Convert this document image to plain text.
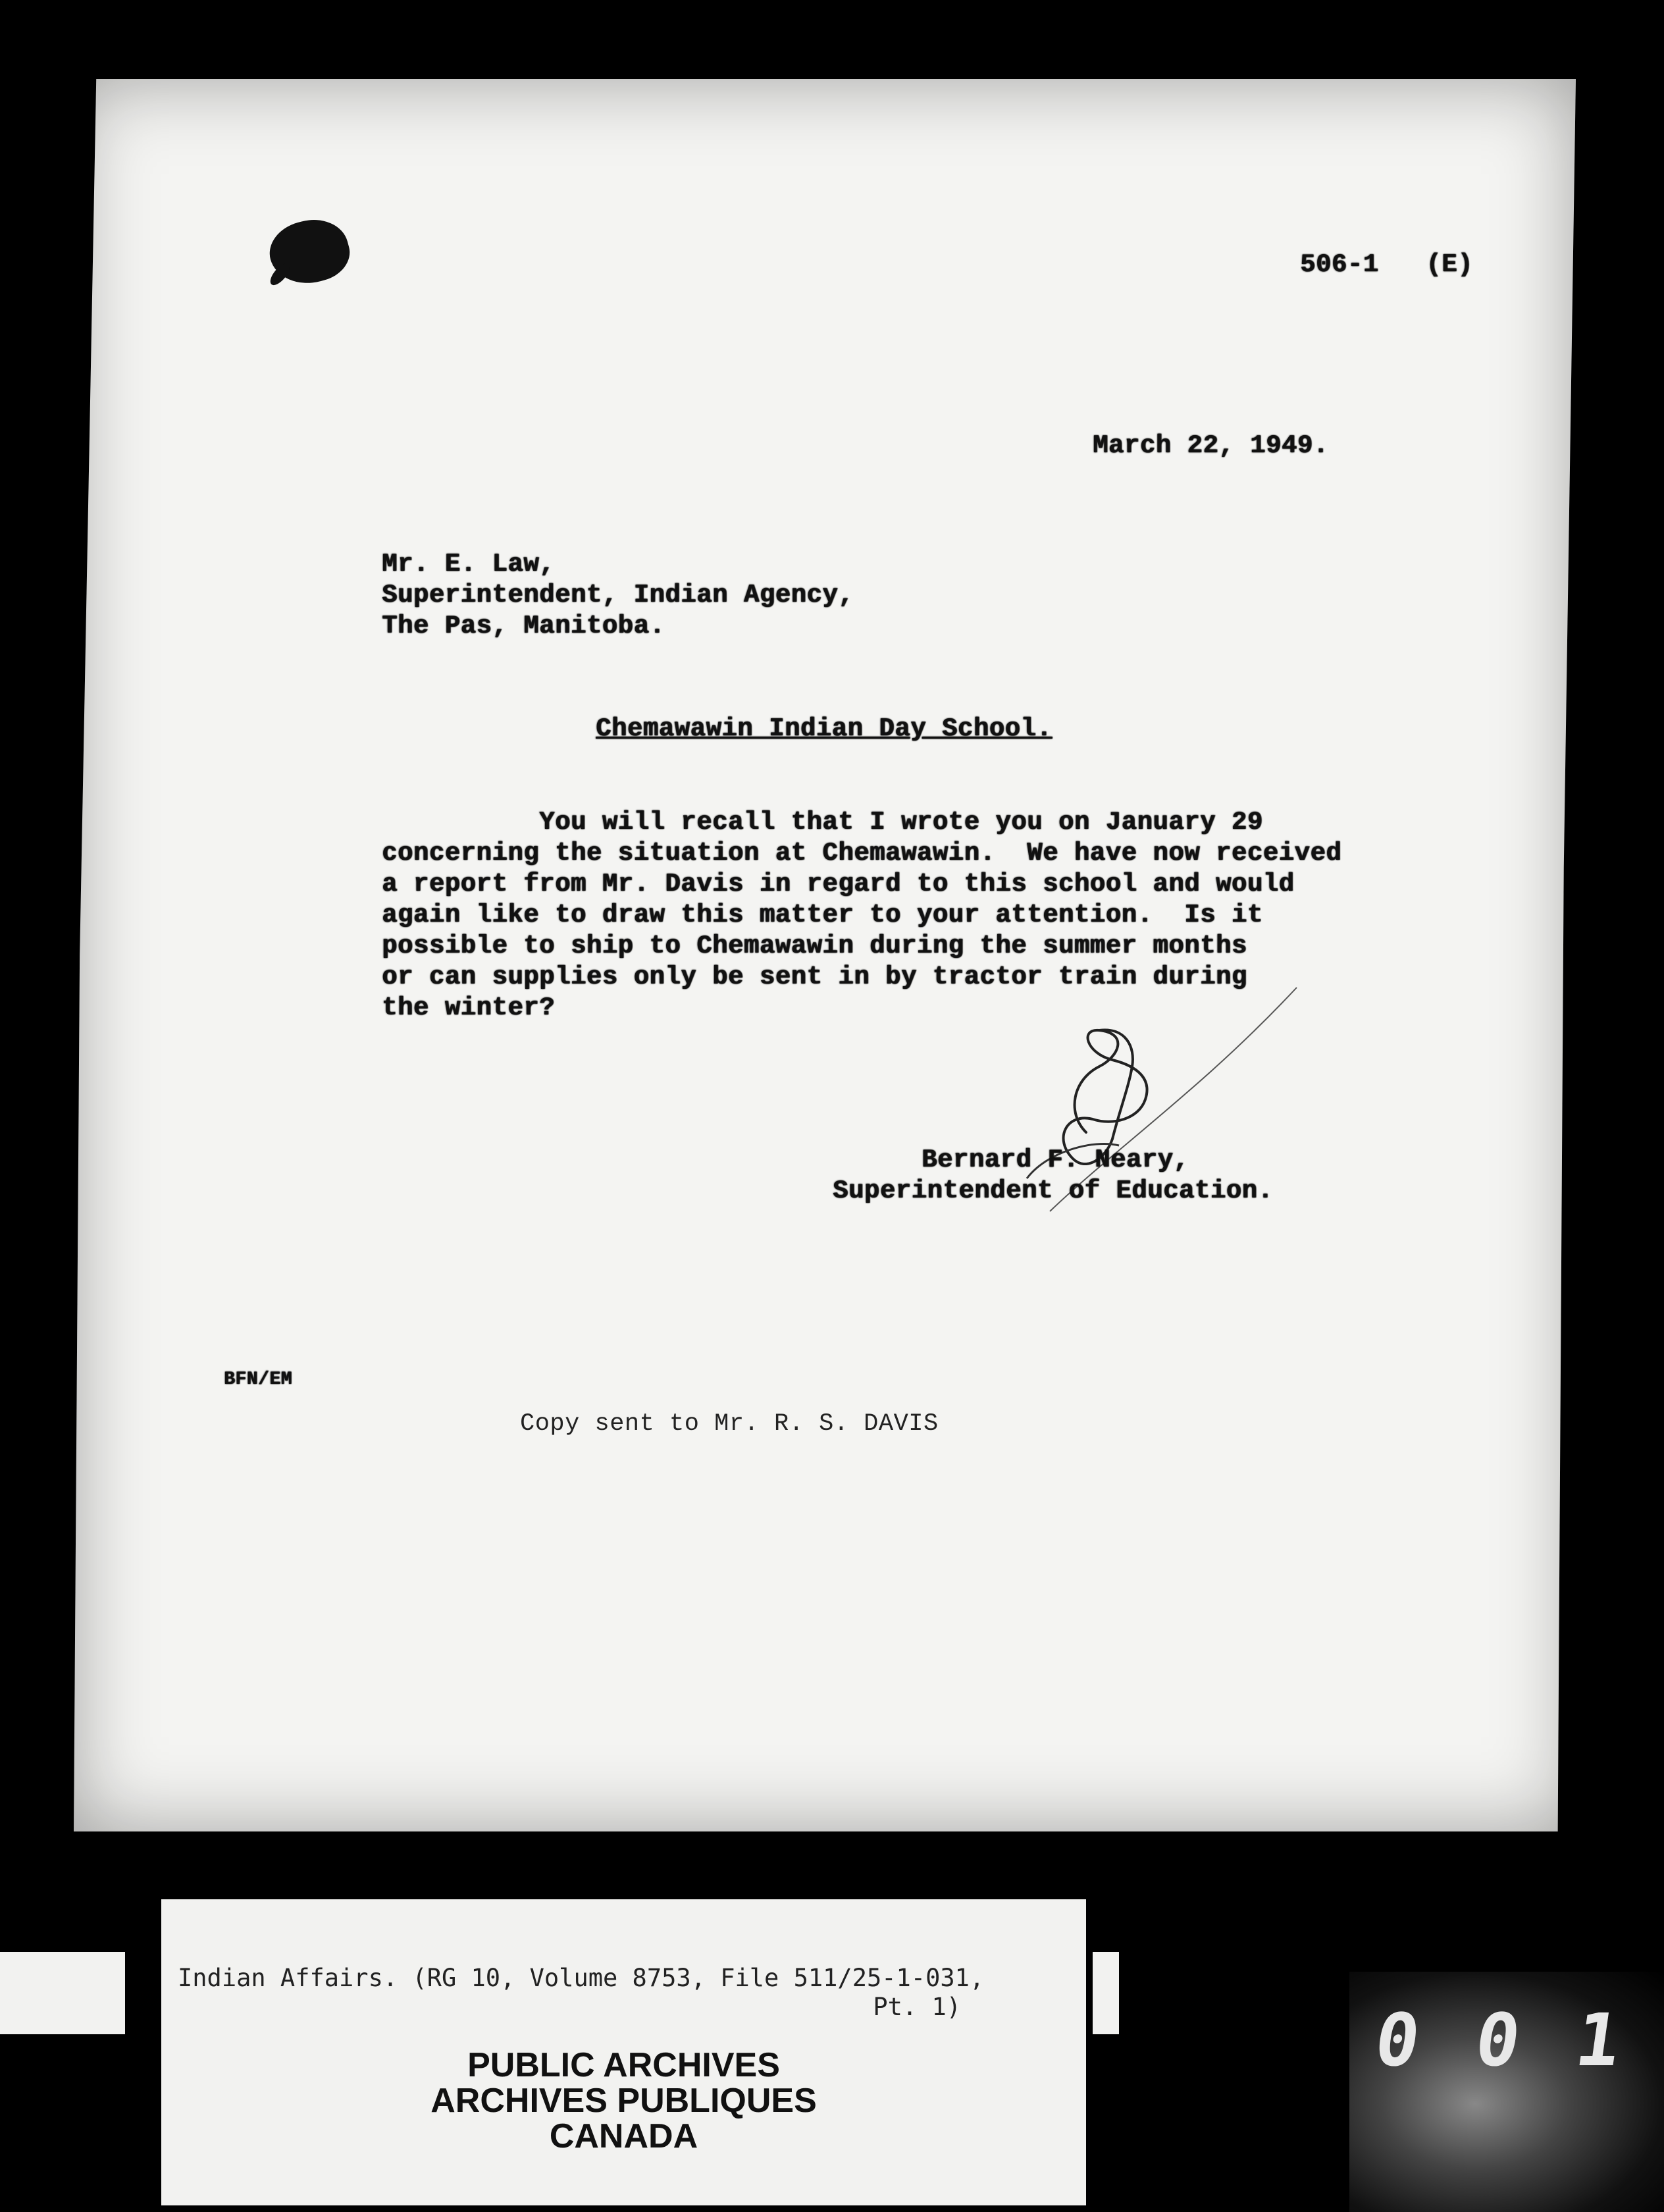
506-1   (E)
March 22, 1949.
Mr. E. Law,
Superintendent, Indian Agency,
The Pas, Manitoba.
Chemawawin Indian Day School.
You will recall that I wrote you on January 29
concerning the situation at Chemawawin.  We have now received
a report from Mr. Davis in regard to this school and would
again like to draw this matter to your attention.  Is it
possible to ship to Chemawawin during the summer months
or can supplies only be sent in by tractor train during
the winter?
Bernard F. Neary,
Superintendent of Education.
BFN/EM
Copy sent to Mr. R. S. DAVIS
Indian Affairs. (RG 10, Volume 8753, File 511/25-1-031,
Pt. 1)
PUBLIC ARCHIVES
ARCHIVES PUBLIQUES
CANADA
0 0 1
